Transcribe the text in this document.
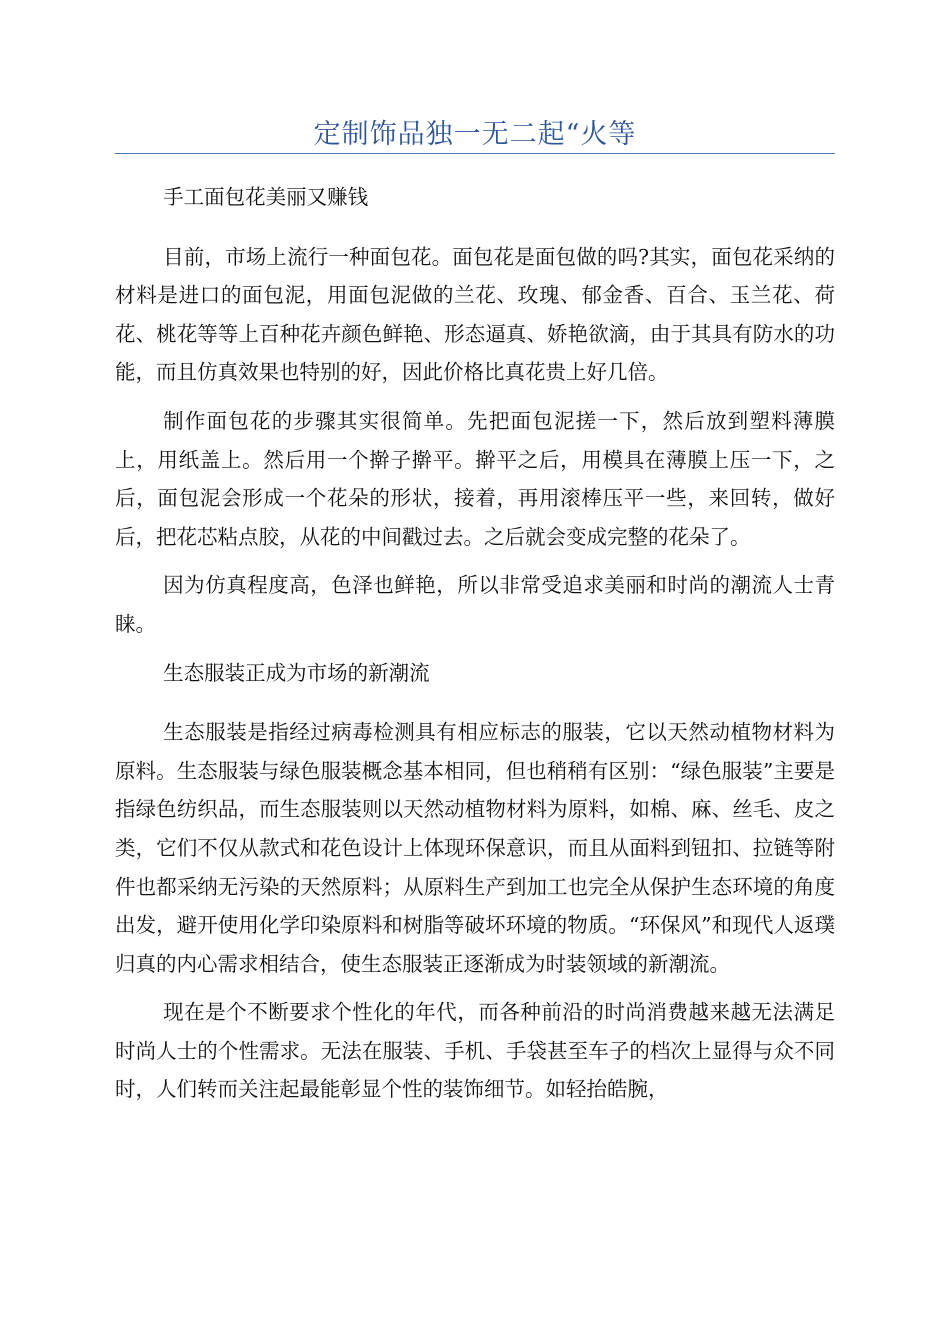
定制饰品独一无二起“火等

手工面包花美丽又赚钱

目前，市场上流行一种面包花。面包花是面包做的吗?其实，面包花采纳的材料是进口的面包泥，用面包泥做的兰花、玫瑰、郁金香、百合、玉兰花、荷花、桃花等等上百种花卉颜色鲜艳、形态逼真、娇艳欲滴，由于其具有防水的功能，而且仿真效果也特别的好，因此价格比真花贵上好几倍。

制作面包花的步骤其实很简单。先把面包泥搓一下，然后放到塑料薄膜上，用纸盖上。然后用一个擀子擀平。擀平之后，用模具在薄膜上压一下，之后，面包泥会形成一个花朵的形状，接着，再用滚棒压平一些，来回转，做好后，把花芯粘点胶，从花的中间戳过去。之后就会变成完整的花朵了。

因为仿真程度高，色泽也鲜艳，所以非常受追求美丽和时尚的潮流人士青睐。

生态服装正成为市场的新潮流

生态服装是指经过病毒检测具有相应标志的服装，它以天然动植物材料为原料。生态服装与绿色服装概念基本相同，但也稍稍有区别：“绿色服装”主要是指绿色纺织品，而生态服装则以天然动植物材料为原料，如棉、麻、丝毛、皮之类，它们不仅从款式和花色设计上体现环保意识，而且从面料到钮扣、拉链等附件也都采纳无污染的天然原料；从原料生产到加工也完全从保护生态环境的角度出发，避开使用化学印染原料和树脂等破坏环境的物质。“环保风”和现代人返璞归真的内心需求相结合，使生态服装正逐渐成为时装领域的新潮流。

现在是个不断要求个性化的年代，而各种前沿的时尚消费越来越无法满足时尚人士的个性需求。无法在服装、手机、手袋甚至车子的档次上显得与众不同时，人们转而关注起最能彰显个性的装饰细节。如轻抬皓腕，
